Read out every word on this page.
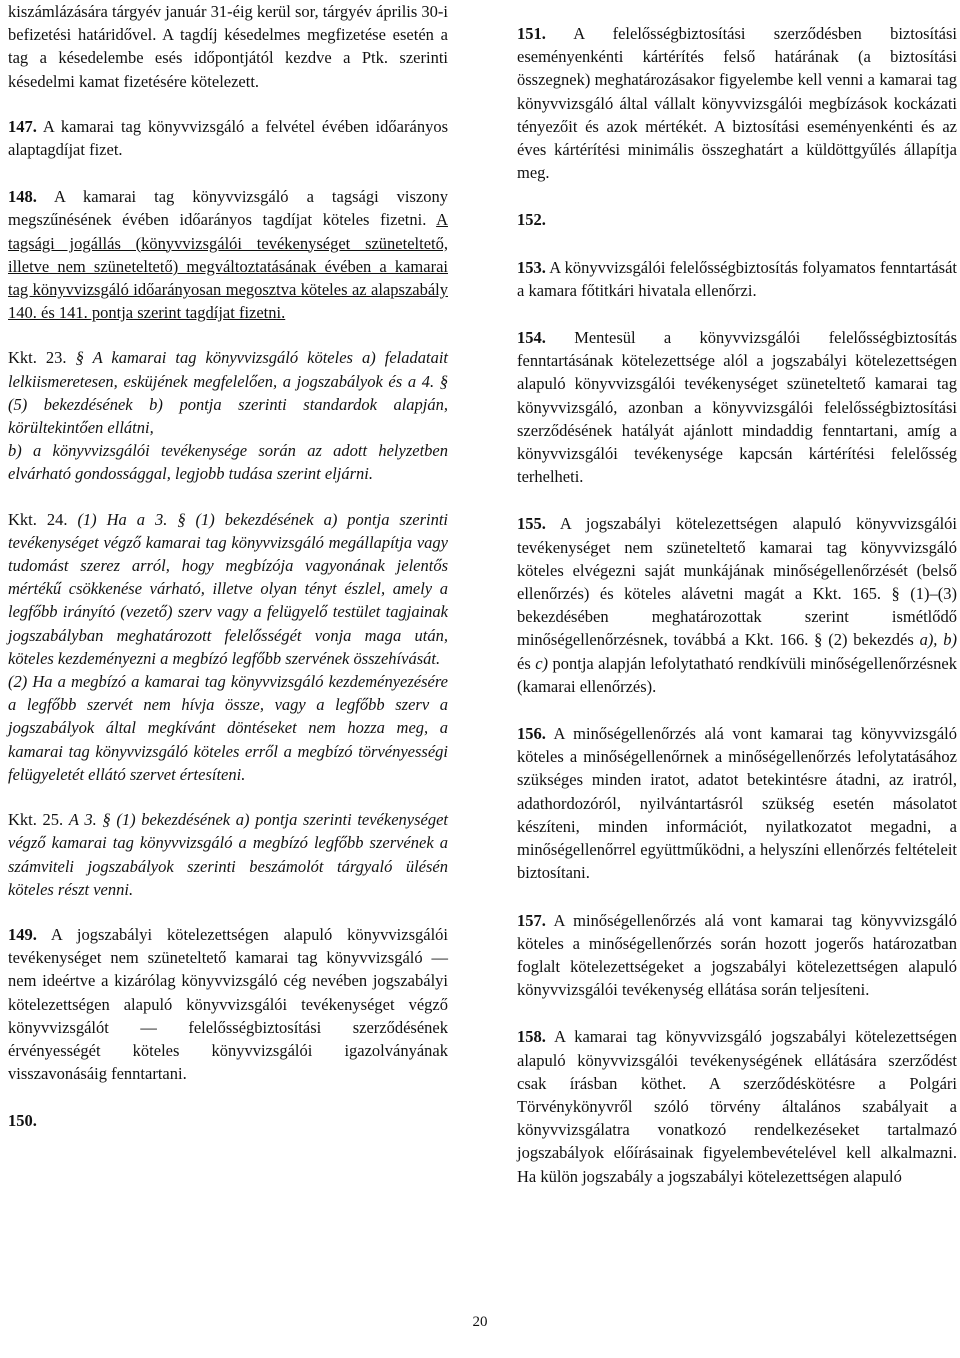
kiszámlázására tárgyév január 31-éig kerül sor, tárgyév április 30-i befizetési határidővel. A tagdíj késedelmes megfizetése esetén a tag a késedelembe esés időpontjától kezdve a Ptk. szerinti késedelmi kamat fizetésére kötelezett.

147. A kamarai tag könyvvizsgáló a felvétel évében időarányos alaptagdíjat fizet.

148. A kamarai tag könyvvizsgáló a tagsági viszony megszűnésének évében időarányos tagdíjat köteles fizetni. A tagsági jogállás (könyvvizsgálói tevékenységet szüneteltető, illetve nem szüneteltető) megváltoztatásának évében a kamarai tag könyvvizsgáló időarányosan megosztva köteles az alapszabály 140. és 141. pontja szerint tagdíjat fizetni.

Kkt. 23. § A kamarai tag könyvvizsgáló köteles a) feladatait lelkiismeretesen, esküjének megfelelően, a jogszabályok és a 4. § (5) bekezdésének b) pontja szerinti standardok alapján, körültekintően ellátni,

b) a könyvvizsgálói tevékenysége során az adott helyzetben elvárható gondossággal, legjobb tudása szerint eljárni.

Kkt. 24. (1) Ha a 3. § (1) bekezdésének a) pontja szerinti tevékenységet végző kamarai tag könyvvizsgáló megállapítja vagy tudomást szerez arról, hogy megbízója vagyonának jelentős mértékű csökkenése várható, illetve olyan tényt észlel, amely a legfőbb irányító (vezető) szerv vagy a felügyelő testület tagjainak jogszabályban meghatározott felelősségét vonja maga után, köteles kezdeményezni a megbízó legfőbb szervének összehívását.

(2) Ha a megbízó a kamarai tag könyvvizsgáló kezdeményezésére a legfőbb szervét nem hívja össze, vagy a legfőbb szerv a jogszabályok által megkívánt döntéseket nem hozza meg, a kamarai tag könyvvizsgáló köteles erről a megbízó törvényességi felügyeletét ellátó szervet értesíteni.

Kkt. 25. A 3. § (1) bekezdésének a) pontja szerinti tevékenységet végző kamarai tag könyvvizsgáló a megbízó legfőbb szervének a számviteli jogszabályok szerinti beszámolót tárgyaló ülésén köteles részt venni.

149. A jogszabályi kötelezettségen alapuló könyvvizsgálói tevékenységet nem szüneteltető kamarai tag könyvvizsgáló — nem ideértve a kizárólag könyvvizsgáló cég nevében jogszabályi kötelezettségen alapuló könyvvizsgálói tevékenységet végző könyvvizsgálót — felelősségbiztosítási szerződésének érvényességét köteles könyvvizsgálói igazolványának visszavonásáig fenntartani.

150.

151. A felelősségbiztosítási szerződésben biztosítási eseményenkénti kártérítés felső határának (a biztosítási összegnek) meghatározásakor figyelembe kell venni a kamarai tag könyvvizsgáló által vállalt könyvvizsgálói megbízások kockázati tényezőit és azok mértékét. A biztosítási eseményenkénti és az éves kártérítési minimális összeghatárt a küldöttgyűlés állapítja meg.

152.

153. A könyvvizsgálói felelősségbiztosítás folyamatos fenntartását a kamara főtitkári hivatala ellenőrzi.

154. Mentesül a könyvvizsgálói felelősségbiztosítás fenntartásának kötelezettsége alól a jogszabályi kötelezettségen alapuló könyvvizsgálói tevékenységet szüneteltető kamarai tag könyvvizsgáló, azonban a könyvvizsgálói felelősségbiztosítási szerződésének hatályát ajánlott mindaddig fenntartani, amíg a könyvvizsgálói tevékenysége kapcsán kártérítési felelősség terhelheti.

155. A jogszabályi kötelezettségen alapuló könyvvizsgálói tevékenységet nem szüneteltető kamarai tag könyvvizsgáló köteles elvégezni saját munkájának minőségellenőrzését (belső ellenőrzés) és köteles alávetni magát a Kkt. 165. § (1)–(3) bekezdésében meghatározottak szerint ismétlődő minőségellenőrzésnek, továbbá a Kkt. 166. § (2) bekezdés a), b) és c) pontja alapján lefolytatható rendkívüli minőségellenőrzésnek (kamarai ellenőrzés).

156. A minőségellenőrzés alá vont kamarai tag könyvvizsgáló köteles a minőségellenőrnek a minőségellenőrzés lefolytatásához szükséges minden iratot, adatot betekintésre átadni, az iratról, adathordozóról, nyilvántartásról szükség esetén másolatot készíteni, minden információt, nyilatkozatot megadni, a minőségellenőrrel együttműködni, a helyszíni ellenőrzés feltételeit biztosítani.

157. A minőségellenőrzés alá vont kamarai tag könyvvizsgáló köteles a minőségellenőrzés során hozott jogerős határozatban foglalt kötelezettségeket a jogszabályi kötelezettségen alapuló könyvvizsgálói tevékenység ellátása során teljesíteni.

158. A kamarai tag könyvvizsgáló jogszabályi kötelezettségen alapuló könyvvizsgálói tevékenységének ellátására szerződést csak írásban köthet. A szerződéskötésre a Polgári Törvénykönyvről szóló törvény általános szabályait a könyvvizsgálatra vonatkozó rendelkezéseket tartalmazó jogszabályok előírásainak figyelembevételével kell alkalmazni. Ha külön jogszabály a jogszabályi kötelezettségen alapuló

20
